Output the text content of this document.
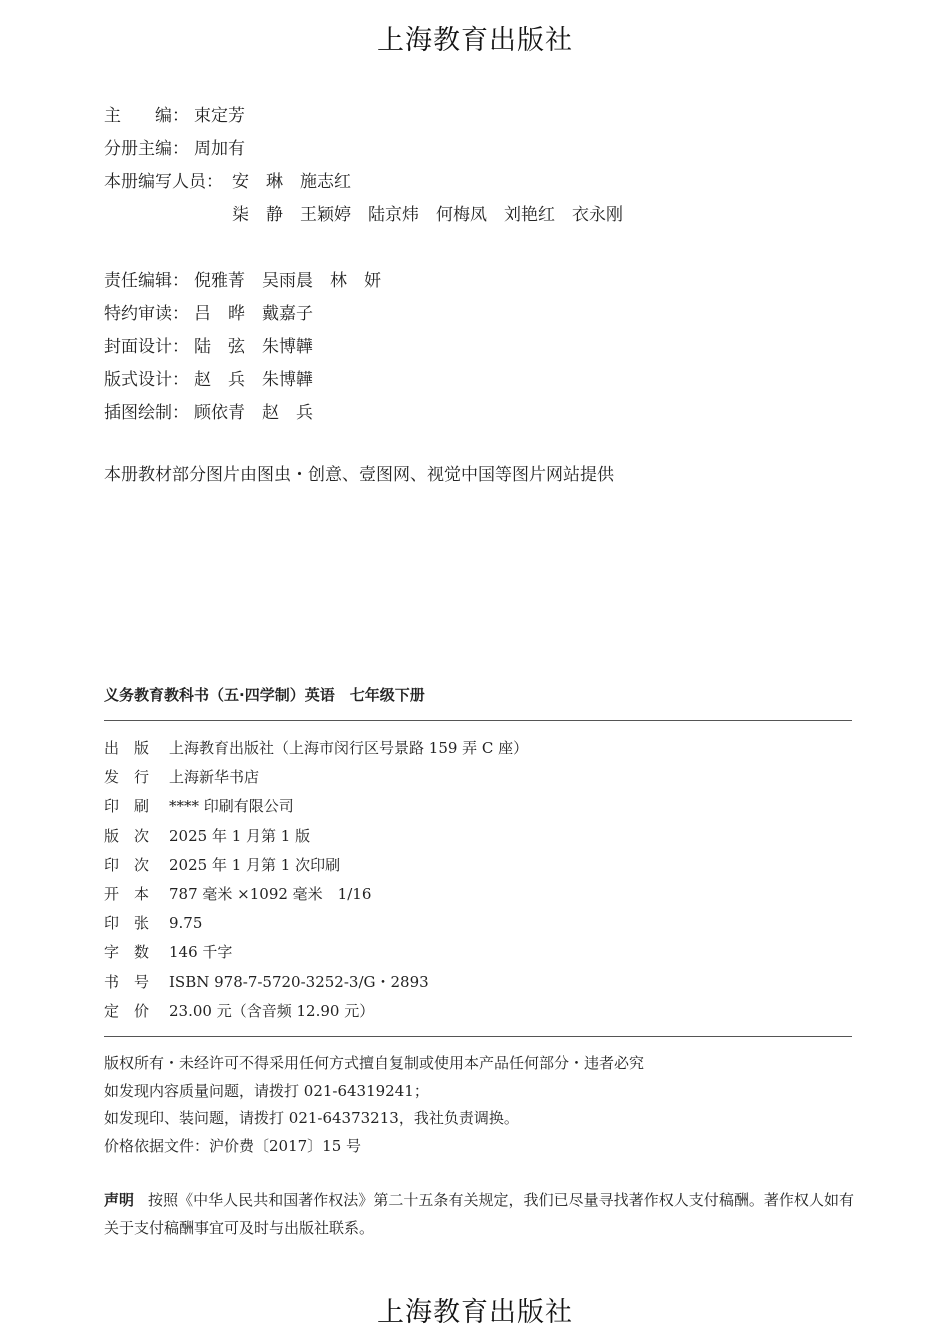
上海教育出版社
主　　编： 束定芳
分册主编： 周加有
本册编写人员： 安　琳　施志红
柒　静　王颖婷　陆京炜　何梅凤　刘艳红　衣永刚
责任编辑： 倪雅菁　吴雨晨　林　妍
特约审读： 吕　晔　戴嘉子
封面设计： 陆　弦　朱博韡
版式设计： 赵　兵　朱博韡
插图绘制： 顾依青　赵　兵
本册教材部分图片由图虫・创意、壹图网、视觉中国等图片网站提供
义务教育教科书（五·四学制）英语　七年级下册
出　版	上海教育出版社（上海市闵行区号景路 159 弄 C 座）
发　行	上海新华书店
印　刷	**** 印刷有限公司
版　次	2025 年 1 月第 1 版
印　次	2025 年 1 月第 1 次印刷
开　本	787 毫米 ×1092 毫米　1/16
印　张	9.75
字　数	146 千字
书　号	ISBN 978-7-5720-3252-3/G・2893
定　价	23.00 元（含音频 12.90 元）
版权所有・未经许可不得采用任何方式擅自复制或使用本产品任何部分・违者必究
如发现内容质量问题，请拨打 021-64319241；
如发现印、装问题，请拨打 021-64373213，我社负责调换。
价格依据文件：沪价费〔2017〕15 号
声明 按照《中华人民共和国著作权法》第二十五条有关规定，我们已尽量寻找著作权人支付稿酬。著作权人如有关于支付稿酬事宜可及时与出版社联系。
上海教育出版社
